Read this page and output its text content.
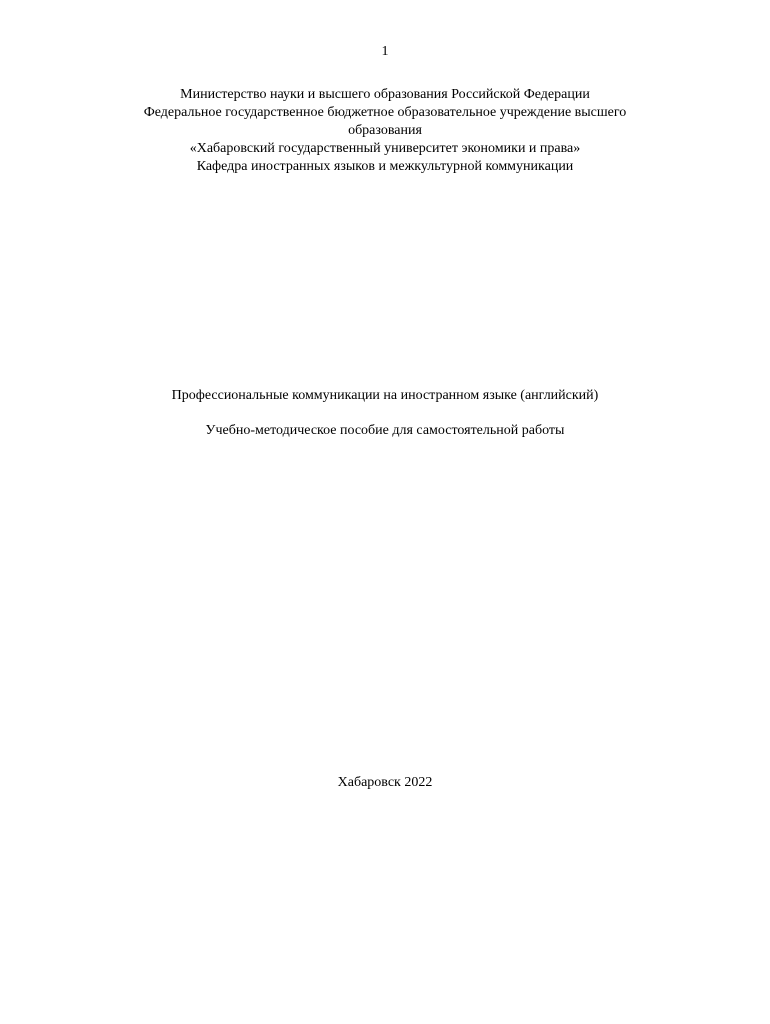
1
Министерство науки и высшего образования Российской Федерации
Федеральное государственное бюджетное образовательное учреждение высшего
образования
«Хабаровский государственный университет экономики и права»
Кафедра иностранных языков и межкультурной коммуникации
Профессиональные коммуникации на иностранном языке (английский)
Учебно-методическое пособие для самостоятельной работы
Хабаровск 2022
